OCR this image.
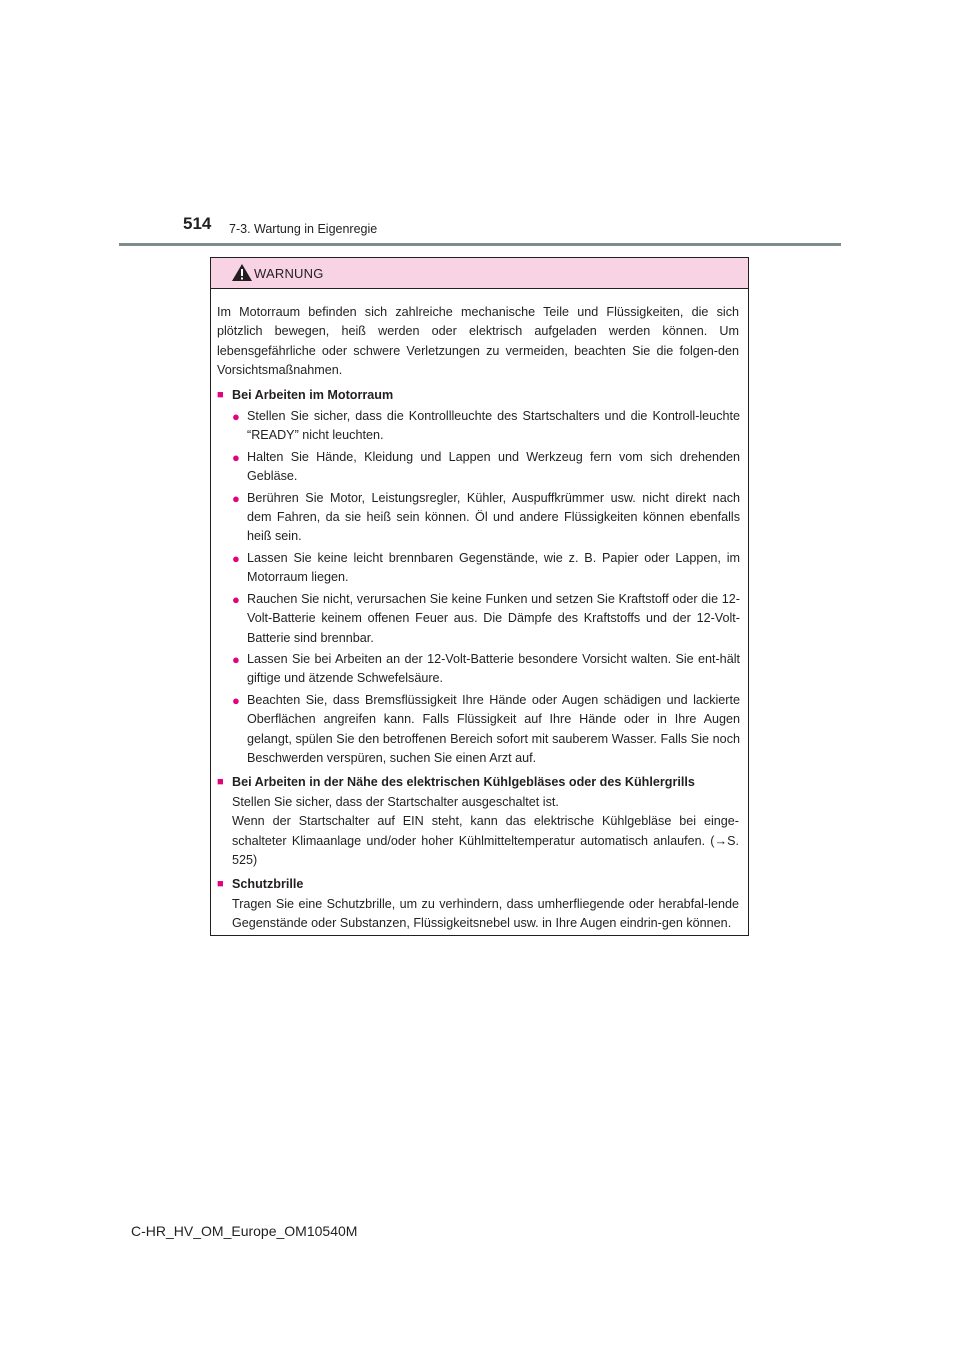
514 7-3. Wartung in Eigenregie
WARNUNG

Im Motorraum befinden sich zahlreiche mechanische Teile und Flüssigkeiten, die sich plötzlich bewegen, heiß werden oder elektrisch aufgeladen werden können. Um lebensgefährliche oder schwere Verletzungen zu vermeiden, beachten Sie die folgen-den Vorsichtsmaßnahmen.

■ Bei Arbeiten im Motorraum
● Stellen Sie sicher, dass die Kontrollleuchte des Startschalters und die Kontroll-leuchte “READY” nicht leuchten.
● Halten Sie Hände, Kleidung und Lappen und Werkzeug fern vom sich drehenden Gebläse.
● Berühren Sie Motor, Leistungsregler, Kühler, Auspuffkrümmer usw. nicht direkt nach dem Fahren, da sie heiß sein können. Öl und andere Flüssigkeiten können ebenfalls heiß sein.
● Lassen Sie keine leicht brennbaren Gegenstände, wie z. B. Papier oder Lappen, im Motorraum liegen.
● Rauchen Sie nicht, verursachen Sie keine Funken und setzen Sie Kraftstoff oder die 12-Volt-Batterie keinem offenen Feuer aus. Die Dämpfe des Kraftstoffs und der 12-Volt-Batterie sind brennbar.
● Lassen Sie bei Arbeiten an der 12-Volt-Batterie besondere Vorsicht walten. Sie ent-hält giftige und ätzende Schwefelsäure.
● Beachten Sie, dass Bremsflüssigkeit Ihre Hände oder Augen schädigen und lackierte Oberflächen angreifen kann. Falls Flüssigkeit auf Ihre Hände oder in Ihre Augen gelangt, spülen Sie den betroffenen Bereich sofort mit sauberem Wasser. Falls Sie noch Beschwerden verspüren, suchen Sie einen Arzt auf.
■ Bei Arbeiten in der Nähe des elektrischen Kühlgebläses oder des Kühlergrills
Stellen Sie sicher, dass der Startschalter ausgeschaltet ist.
Wenn der Startschalter auf EIN steht, kann das elektrische Kühlgebläse bei einge-schalteter Klimaanlage und/oder hoher Kühlmitteltemperatur automatisch anlaufen. (→S. 525)
■ Schutzbrille
Tragen Sie eine Schutzbrille, um zu verhindern, dass umherfliegende oder herabfal-lende Gegenstände oder Substanzen, Flüssigkeitsnebel usw. in Ihre Augen eindrin-gen können.
C-HR_HV_OM_Europe_OM10540M
